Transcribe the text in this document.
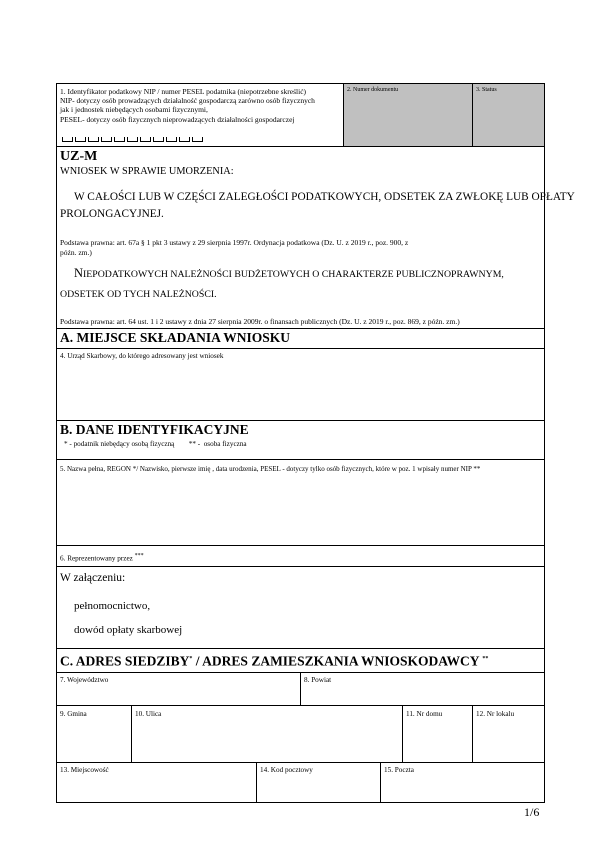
1. Identyfikator podatkowy NIP / numer PESEL podatnika (niepotrzebne skreślić)
NIP- dotyczy osób prowadzących działalność gospodarczą zarówno osób fizycznych
jak i jednostek niebędących osobami fizycznymi,
PESEL- dotyczy osób fizycznych nieprowadzących działalności gospodarczej
2. Numer dokumentu	3. Status
UZ-M
WNIOSEK W SPRAWIE UMORZENIA:
W CAŁOŚCI LUB W CZĘŚCI ZALEGŁOŚCI PODATKOWYCH, ODSETEK ZA ZWŁOKĘ LUB OPŁATY
PROLONGACYJNEJ.
Podstawa prawna: art. 67a § 1 pkt 3 ustawy z 29 sierpnia 1997r. Ordynacja podatkowa (Dz. U. z 2019 r., poz. 900, z
późn. zm.)
NIEPODATKOWYCH NALEŻNOŚCI BUDŻETOWYCH O CHARAKTERZE PUBLICZNOPRAWNYM,
ODSETEK OD TYCH NALEŻNOŚCI.
Podstawa prawna: art. 64 ust. 1 i 2 ustawy z dnia 27 sierpnia 2009r. o finansach publicznych (Dz. U. z 2019 r., poz. 869, z późn. zm.)
A. MIEJSCE SKŁADANIA WNIOSKU
4. Urząd Skarbowy, do którego adresowany jest wniosek
B. DANE IDENTYFIKACYJNE
* - podatnik niebędący osobą fizyczną        ** -  osoba fizyczna
5. Nazwa pełna, REGON */ Nazwisko, pierwsze imię , data urodzenia, PESEL - dotyczy tylko osób fizycznych, które w poz. 1 wpisały numer NIP **
6. Reprezentowany przez ***
W załączeniu:
pełnomocnictwo,
dowód opłaty skarbowej
C. ADRES SIEDZIBY* / ADRES ZAMIESZKANIA WNIOSKODAWCY **
7. Województwo	8. Powiat
9. Gmina	10. Ulica	11. Nr domu	12. Nr lokalu
13. Miejscowość	14. Kod pocztowy	15. Poczta
1/6
